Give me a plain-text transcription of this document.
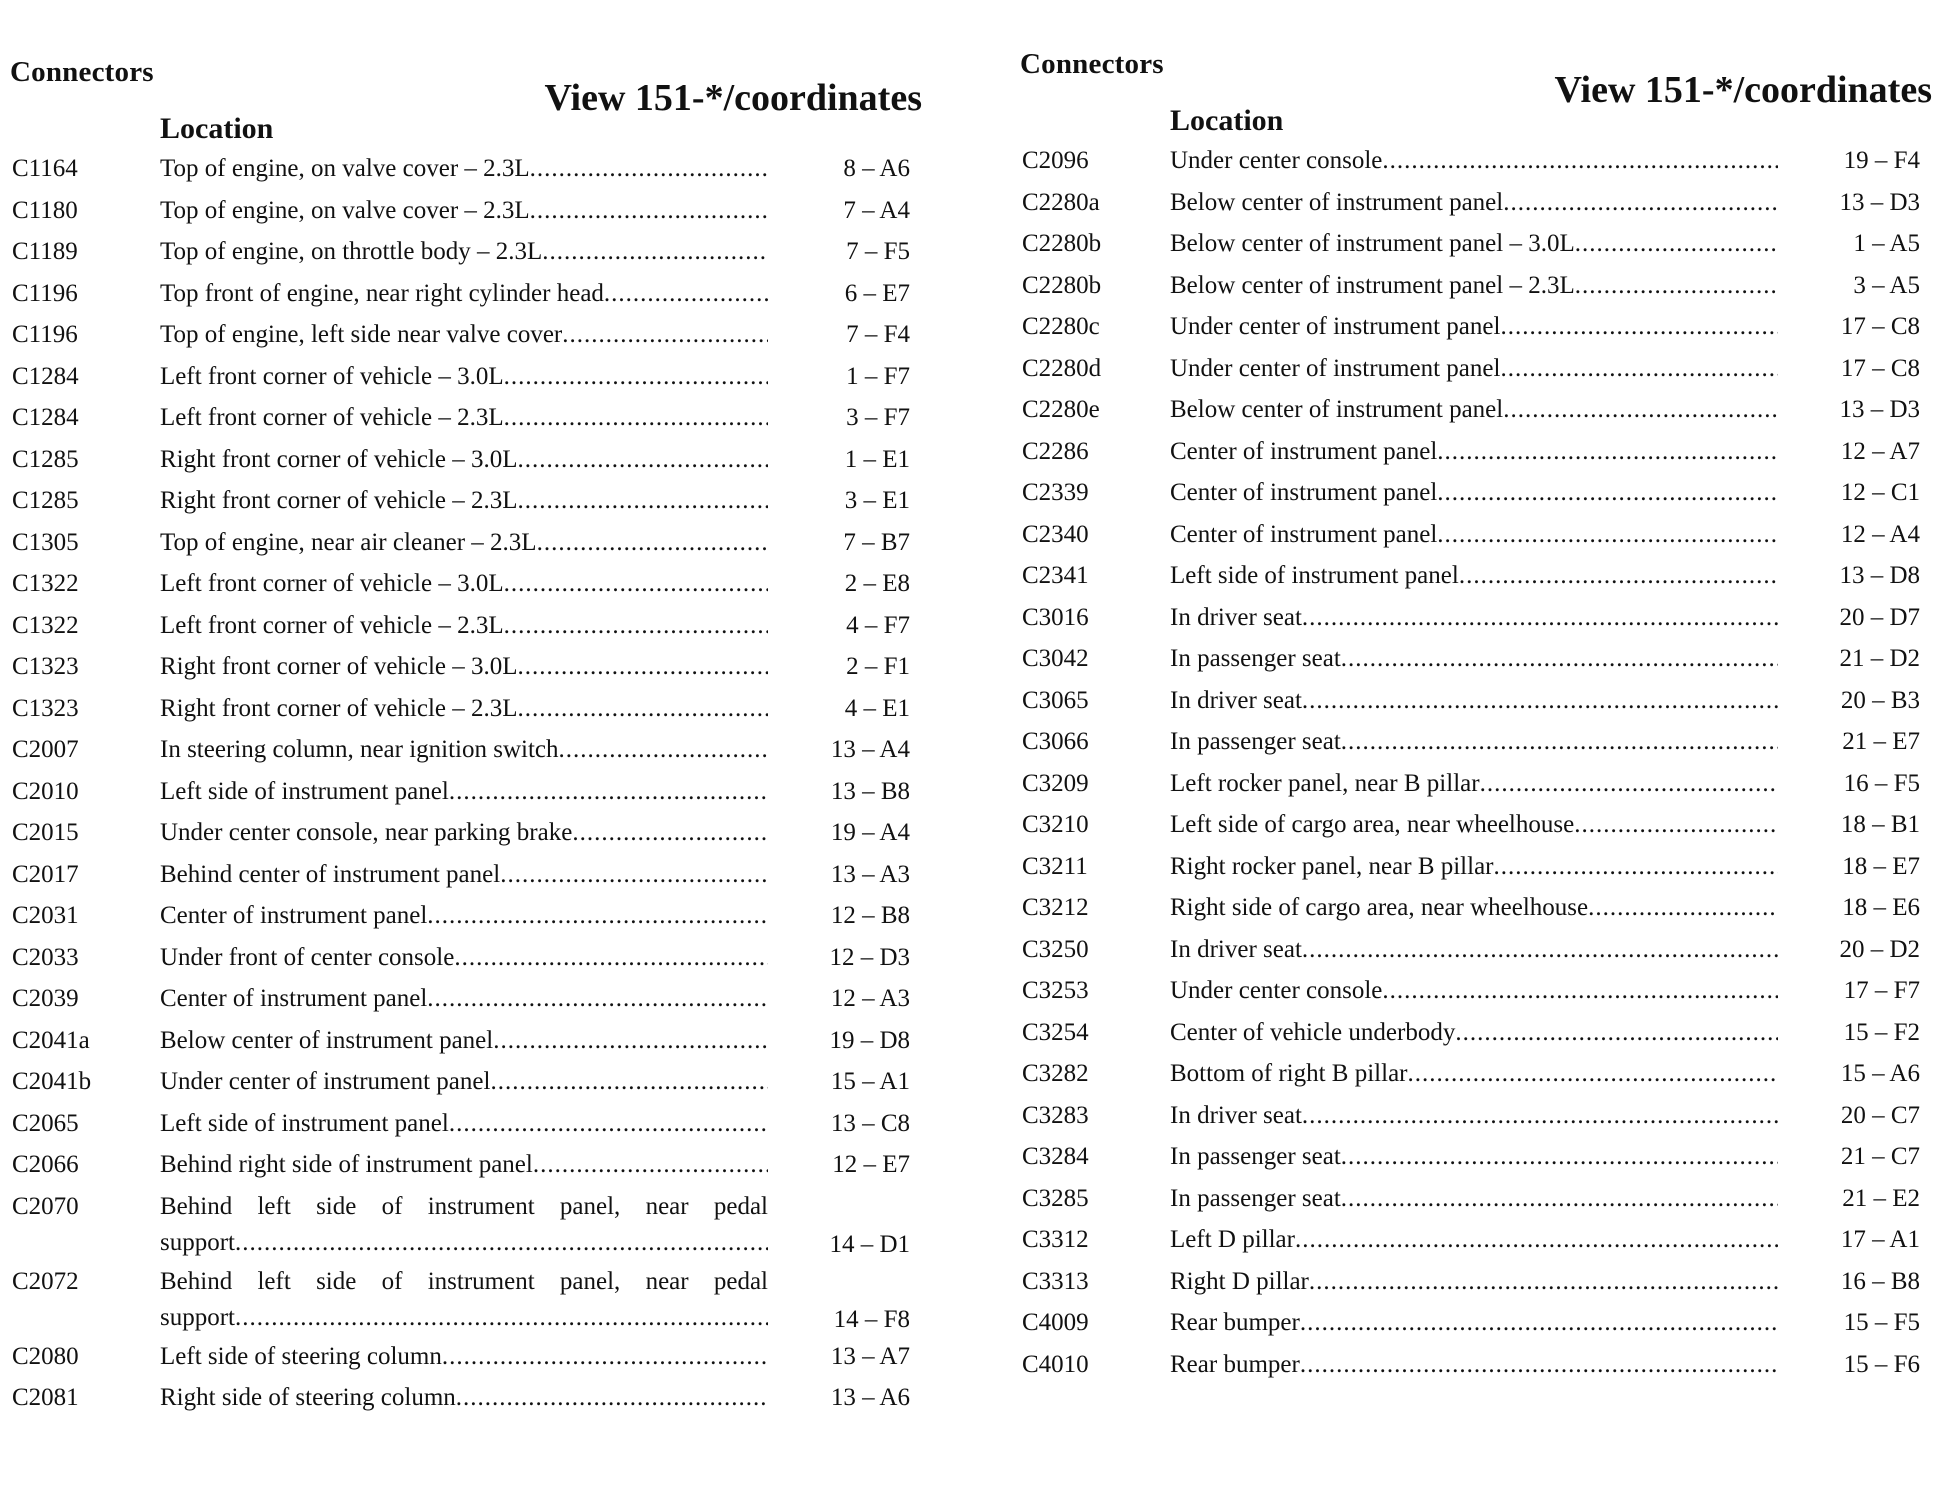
Connectors
View 151-*/coordinates
Location
C1164	Top of engine, on valve cover – 2.3L .....	8 – A6
C1180	Top of engine, on valve cover – 2.3L .....	7 – A4
C1189	Top of engine, on throttle body – 2.3L .....	7 – F5
C1196	Top front of engine, near right cylinder head .....	6 – E7
C1196	Top of engine, left side near valve cover .....	7 – F4
C1284	Left front corner of vehicle – 3.0L .....	1 – F7
C1284	Left front corner of vehicle – 2.3L .....	3 – F7
C1285	Right front corner of vehicle – 3.0L .....	1 – E1
C1285	Right front corner of vehicle – 2.3L .....	3 – E1
C1305	Top of engine, near air cleaner – 2.3L .....	7 – B7
C1322	Left front corner of vehicle – 3.0L .....	2 – E8
C1322	Left front corner of vehicle – 2.3L .....	4 – F7
C1323	Right front corner of vehicle – 3.0L .....	2 – F1
C1323	Right front corner of vehicle – 2.3L .....	4 – E1
C2007	In steering column, near ignition switch .....	13 – A4
C2010	Left side of instrument panel .....	13 – B8
C2015	Under center console, near parking brake .....	19 – A4
C2017	Behind center of instrument panel .....	13 – A3
C2031	Center of instrument panel .....	12 – B8
C2033	Under front of center console .....	12 – D3
C2039	Center of instrument panel .....	12 – A3
C2041a	Below center of instrument panel .....	19 – D8
C2041b	Under center of instrument panel .....	15 – A1
C2065	Left side of instrument panel .....	13 – C8
C2066	Behind right side of instrument panel .....	12 – E7
C2070	Behind left side of instrument panel, near pedal
support .....	14 – D1
C2072	Behind left side of instrument panel, near pedal
support .....	14 – F8
C2080	Left side of steering column .....	13 – A7
C2081	Right side of steering column .....	13 – A6
Connectors
View 151-*/coordinates
Location
C2096	Under center console .....	19 – F4
C2280a	Below center of instrument panel .....	13 – D3
C2280b	Below center of instrument panel – 3.0L .....	1 – A5
C2280b	Below center of instrument panel – 2.3L .....	3 – A5
C2280c	Under center of instrument panel .....	17 – C8
C2280d	Under center of instrument panel .....	17 – C8
C2280e	Below center of instrument panel .....	13 – D3
C2286	Center of instrument panel .....	12 – A7
C2339	Center of instrument panel .....	12 – C1
C2340	Center of instrument panel .....	12 – A4
C2341	Left side of instrument panel .....	13 – D8
C3016	In driver seat .....	20 – D7
C3042	In passenger seat .....	21 – D2
C3065	In driver seat .....	20 – B3
C3066	In passenger seat .....	21 – E7
C3209	Left rocker panel, near B pillar .....	16 – F5
C3210	Left side of cargo area, near wheelhouse .....	18 – B1
C3211	Right rocker panel, near B pillar .....	18 – E7
C3212	Right side of cargo area, near wheelhouse .....	18 – E6
C3250	In driver seat .....	20 – D2
C3253	Under center console .....	17 – F7
C3254	Center of vehicle underbody .....	15 – F2
C3282	Bottom of right B pillar .....	15 – A6
C3283	In driver seat .....	20 – C7
C3284	In passenger seat .....	21 – C7
C3285	In passenger seat .....	21 – E2
C3312	Left D pillar .....	17 – A1
C3313	Right D pillar .....	16 – B8
C4009	Rear bumper .....	15 – F5
C4010	Rear bumper .....	15 – F6
